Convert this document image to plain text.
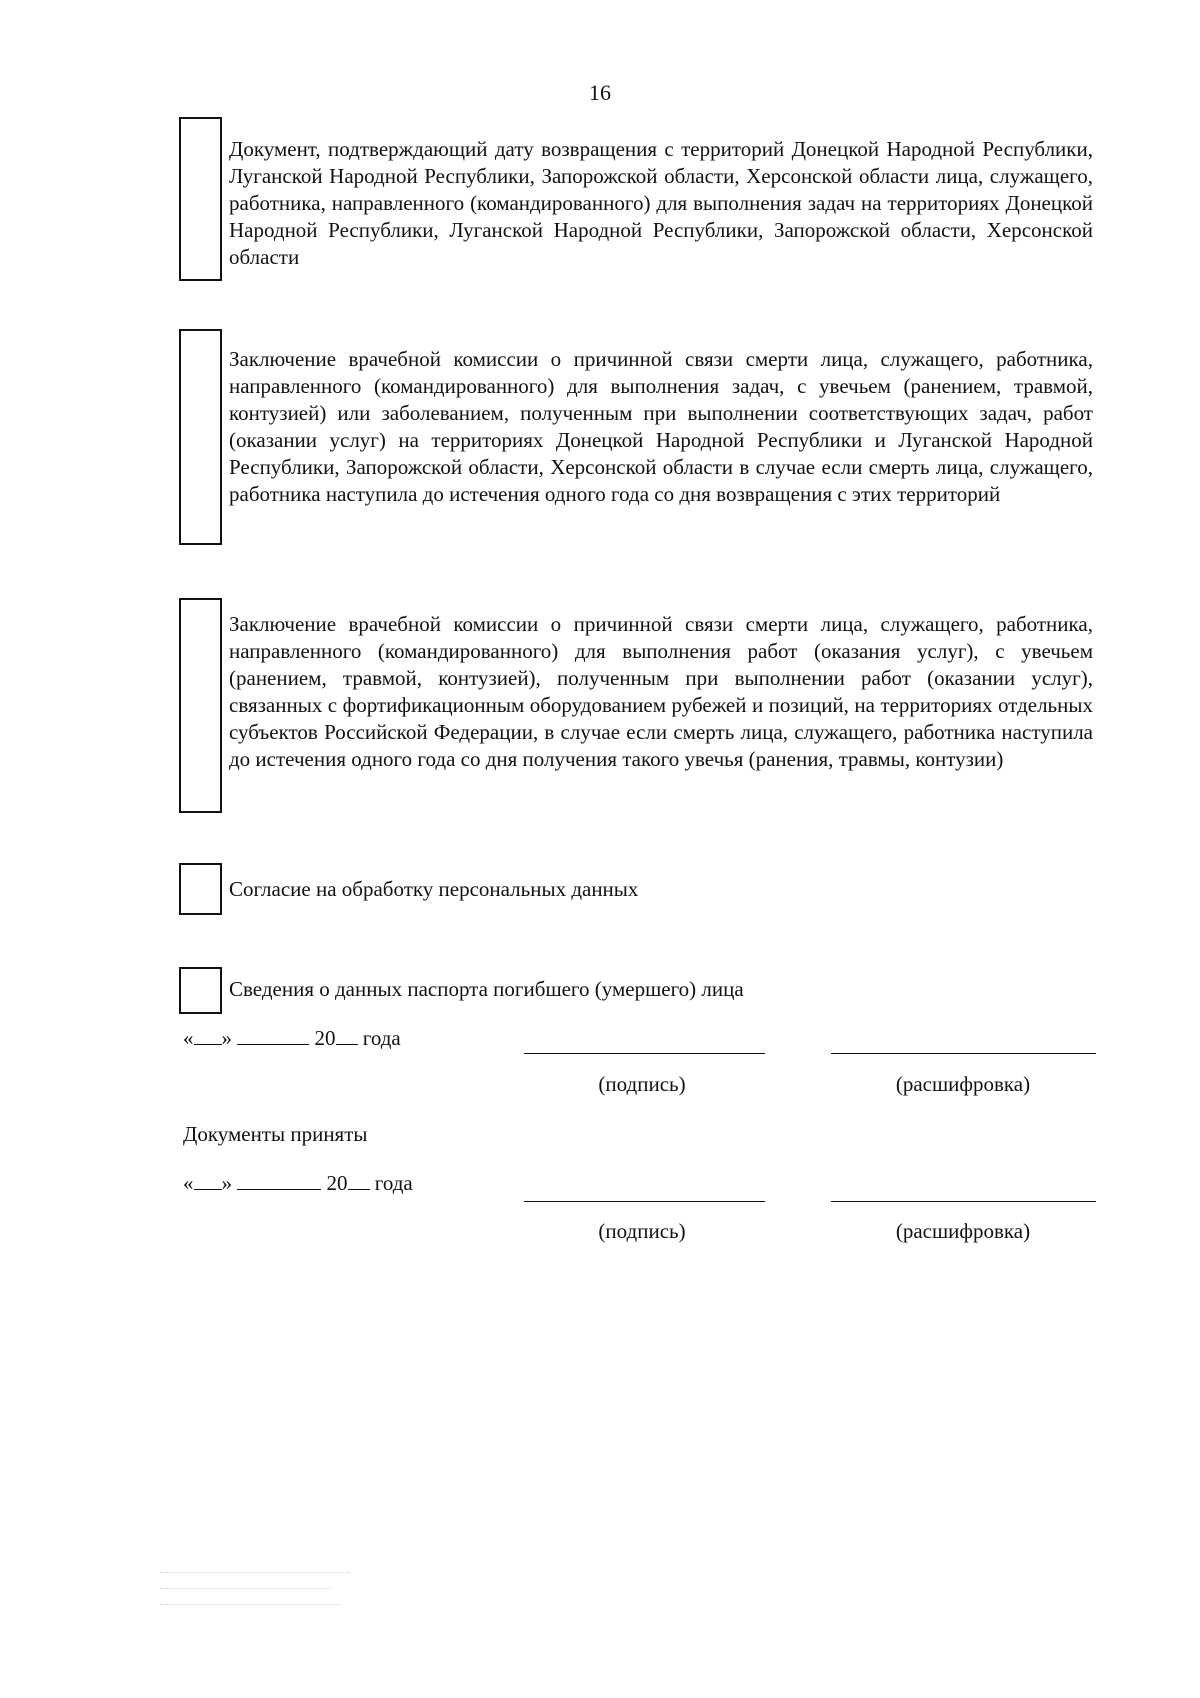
16
Документ, подтверждающий дату возвращения с территорий Донецкой Народной Республики, Луганской Народной Республики, Запорожской области, Херсонской области лица, служащего, работника, направленного (командированного) для выполнения задач на территориях Донецкой Народной Республики, Луганской Народной Республики, Запорожской области, Херсонской области
Заключение врачебной комиссии о причинной связи смерти лица, служащего, работника, направленного (командированного) для выполнения задач, с увечьем (ранением, травмой, контузией) или заболеванием, полученным при выполнении соответствующих задач, работ (оказании услуг) на территориях Донецкой Народной Республики и Луганской Народной Республики, Запорожской области, Херсонской области в случае если смерть лица, служащего, работника наступила до истечения одного года со дня возвращения с этих территорий
Заключение врачебной комиссии о причинной связи смерти лица, служащего, работника, направленного (командированного) для выполнения работ (оказания услуг), с увечьем (ранением, травмой, контузией), полученным при выполнении работ (оказании услуг), связанных с фортификационным оборудованием рубежей и позиций, на территориях отдельных субъектов Российской Федерации, в случае если смерть лица, служащего, работника наступила до истечения одного года со дня получения такого увечья (ранения, травмы, контузии)
Согласие на обработку персональных данных
Сведения о данных паспорта погибшего (умершего) лица
« »	20 года
(подпись)	(расшифровка)
Документы приняты
« »	20 года
(подпись)	(расшифровка)
